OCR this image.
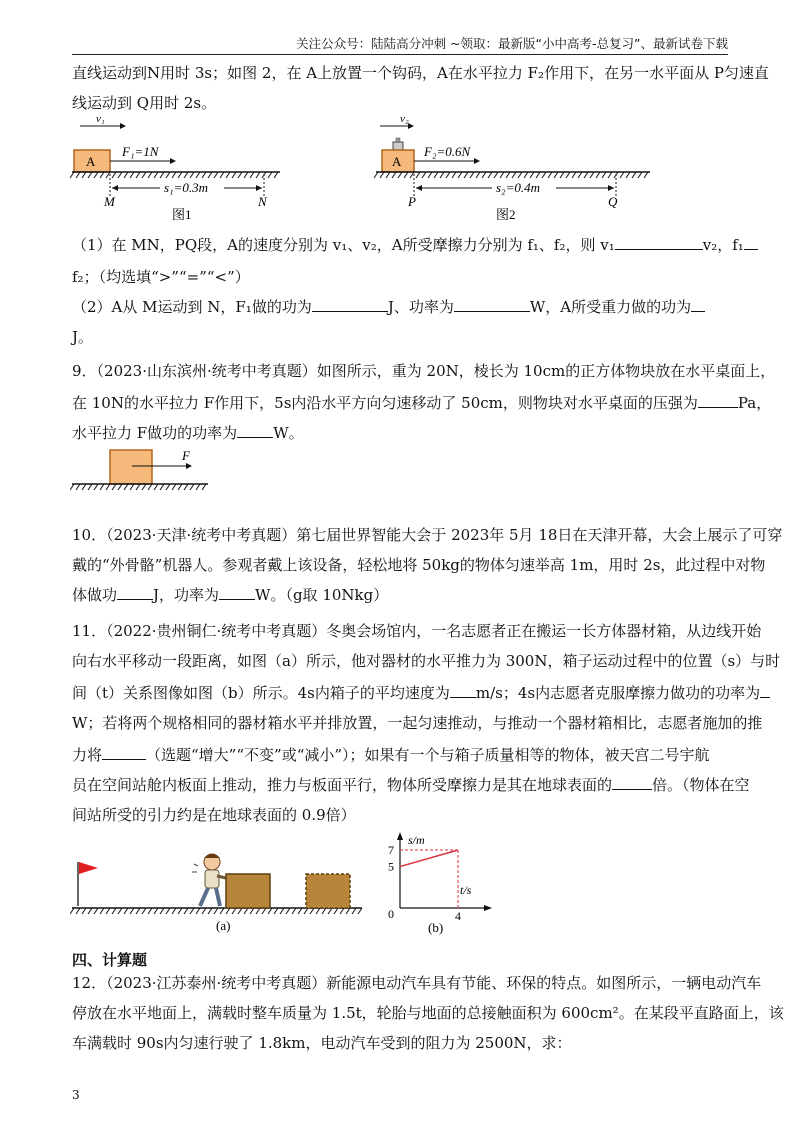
关注公众号：陆陆高分冲刺 ~领取：最新版“小中高考-总复习”、最新试卷下载
直线运动到N用时 3s；如图 2，在 A上放置一个钩码，A在水平拉力 F₂作用下，在另一水平面从 P匀速直
线运动到 Q用时 2s。
v₁
A
F₁=1N
s₁=0.3m
M	N
图1
v₂
A
F₂=0.6N
s₂=0.4m
P	Q
图2
（1）在 MN，PQ段，A的速度分别为 v₁、v₂，A所受摩擦力分别为 f₁、f₂，则 v₁	v₂，f₁
f₂；（均选填“>”“=”“<”）
（2）A从 M运动到 N，F₁做的功为	J、功率为	W，A所受重力做的功为
J。
9．（2023·山东滨州·统考中考真题）如图所示，重为 20N，棱长为 10cm的正方体物块放在水平桌面上，
在 10N的水平拉力 F作用下，5s内沿水平方向匀速移动了 50cm，则物块对水平桌面的压强为	Pa，
水平拉力 F做功的功率为 W。
F
10．（2023·天津·统考中考真题）第七届世界智能大会于 2023年 5月 18日在天津开幕，大会上展示了可穿
戴的“外骨骼”机器人。参观者戴上该设备，轻松地将 50kg的物体匀速举高 1m，用时 2s，此过程中对物
体做功 J，功率为 W。（g取 10Nkg）
11．（2022·贵州铜仁·统考中考真题）冬奥会场馆内，一名志愿者正在搬运一长方体器材箱，从边线开始
向右水平移动一段距离，如图（a）所示，他对器材的水平推力为 300N，箱子运动过程中的位置（s）与时
间（t）关系图像如图（b）所示。4s内箱子的平均速度为 m/s；4s内志愿者克服摩擦力做功的功率为
W；若将两个规格相同的器材箱水平并排放置，一起匀速推动，与推动一个器材箱相比，志愿者施加的推
力将	（选题“增大”“不变”或“减小”）；如果有一个与箱子质量相等的物体，被天宫二号宇航
员在空间站舱内板面上推动，推力与板面平行，物体所受摩擦力是其在地球表面的	倍。（物体在空
间站所受的引力约是在地球表面的 0.9倍）
(a)
s/m
t/s
0
5
7
4
(b)
四、计算题
12．（2023·江苏泰州·统考中考真题）新能源电动汽车具有节能、环保的特点。如图所示，一辆电动汽车
停放在水平地面上，满载时整车质量为 1.5t，轮胎与地面的总接触面积为 600cm²。在某段平直路面上，该
车满载时 90s内匀速行驶了 1.8km，电动汽车受到的阻力为 2500N，求：
3
